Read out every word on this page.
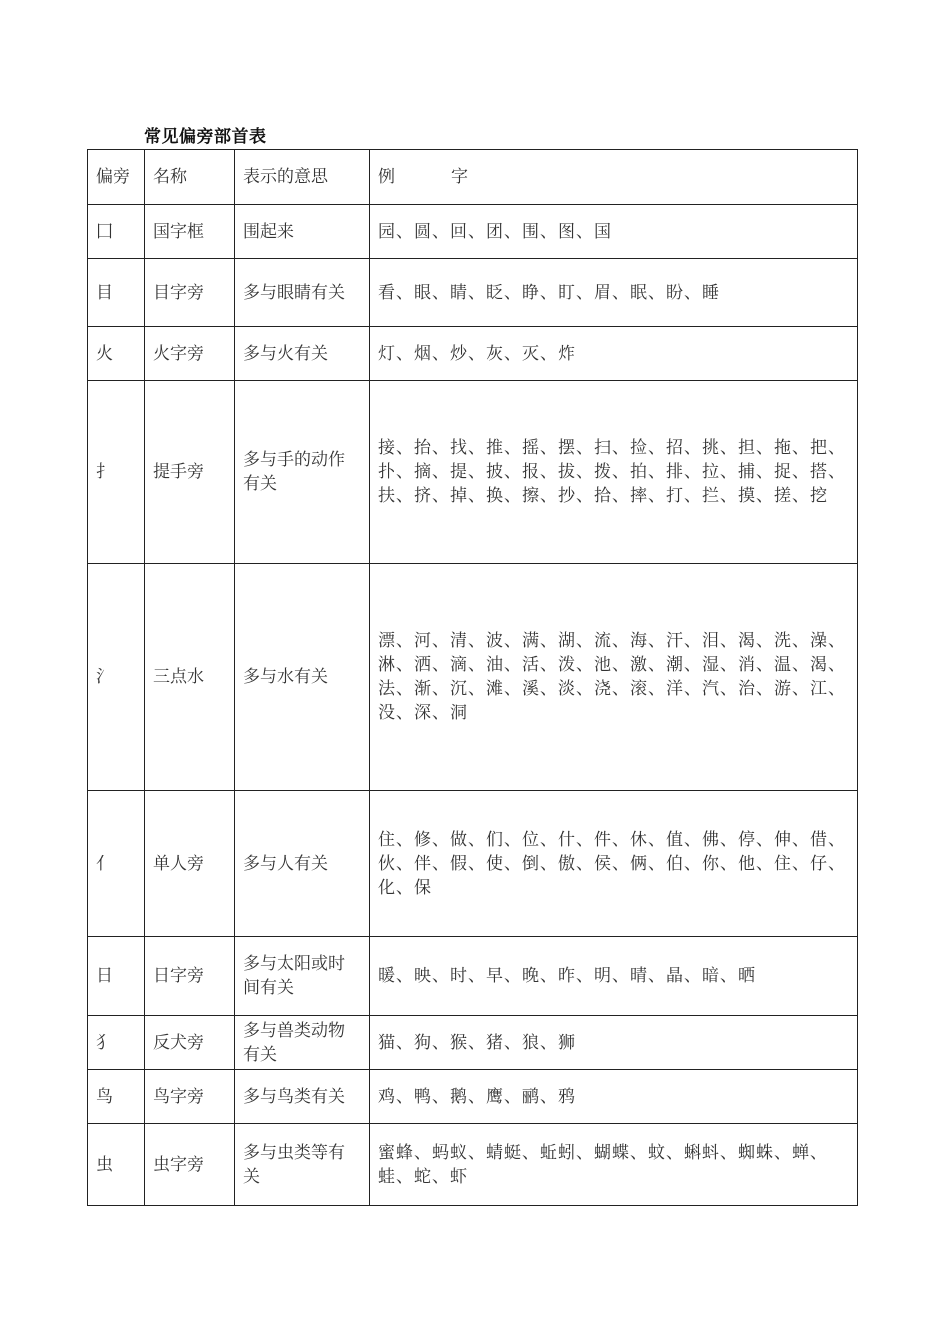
常见偏旁部首表
偏旁	名称	表示的意思	例 字
囗	国字框	围起来	园、圆、回、团、围、图、国
目	目字旁	多与眼睛有关	看、眼、睛、眨、睁、盯、眉、眠、盼、睡
火	火字旁	多与火有关	灯、烟、炒、灰、灭、炸
扌	提手旁	多与手的动作有关	接、抬、找、推、摇、摆、扫、捡、招、挑、担、拖、把、扑、摘、提、披、报、拔、拨、拍、排、拉、捕、捉、搭、扶、挤、掉、换、擦、抄、拾、摔、打、拦、摸、搓、挖
氵	三点水	多与水有关	漂、河、清、波、满、湖、流、海、汗、泪、渴、洗、澡、淋、洒、滴、油、活、泼、池、激、潮、湿、消、温、渴、法、渐、沉、滩、溪、淡、浇、滚、洋、汽、治、游、江、没、深、洞
亻	单人旁	多与人有关	住、修、做、们、位、什、件、休、值、佛、停、伸、借、伙、伴、假、使、倒、傲、侯、俩、伯、你、他、住、仔、化、保
日	日字旁	多与太阳或时间有关	暖、映、时、早、晚、昨、明、晴、晶、暗、晒
犭	反犬旁	多与兽类动物有关	猫、狗、猴、猪、狼、狮
鸟	鸟字旁	多与鸟类有关	鸡、鸭、鹅、鹰、鹂、鸦
虫	虫字旁	多与虫类等有关	蜜蜂、蚂蚁、蜻蜓、蚯蚓、蝴蝶、蚊、蝌蚪、蜘蛛、蝉、蛙、蛇、虾
